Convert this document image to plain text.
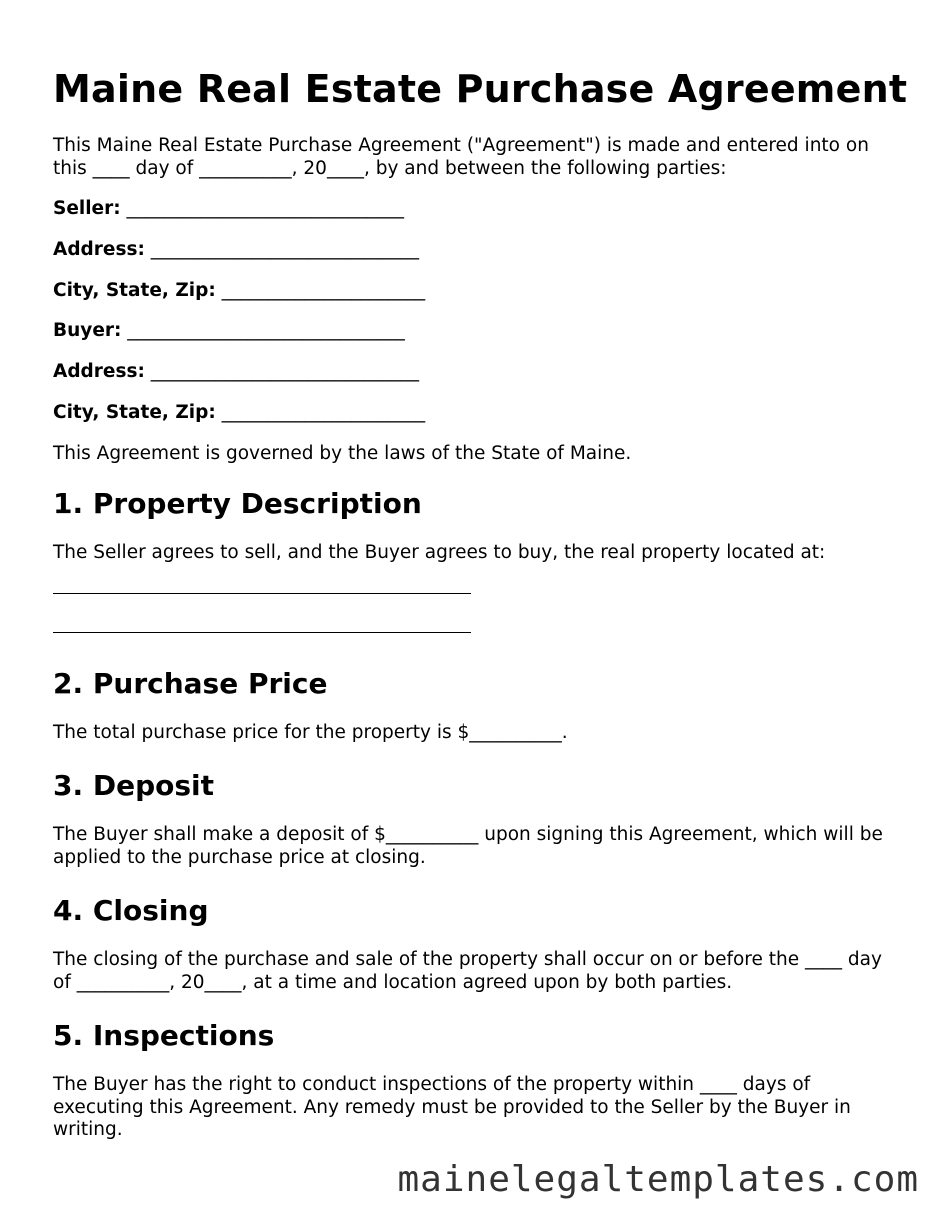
Maine Real Estate Purchase Agreement

This Maine Real Estate Purchase Agreement ("Agreement") is made and entered into on
this ____ day of __________, 20____, by and between the following parties:

Seller: ______________________________
Address: _____________________________
City, State, Zip: ______________________
Buyer: ______________________________
Address: _____________________________
City, State, Zip: ______________________

This Agreement is governed by the laws of the State of Maine.

1. Property Description

The Seller agrees to sell, and the Buyer agrees to buy, the real property located at:

2. Purchase Price

The total purchase price for the property is $__________.

3. Deposit

The Buyer shall make a deposit of $__________ upon signing this Agreement, which will be
applied to the purchase price at closing.

4. Closing

The closing of the purchase and sale of the property shall occur on or before the ____ day
of __________, 20____, at a time and location agreed upon by both parties.

5. Inspections

The Buyer has the right to conduct inspections of the property within ____ days of
executing this Agreement. Any remedy must be provided to the Seller by the Buyer in
writing.

mainelegaltemplates.com
